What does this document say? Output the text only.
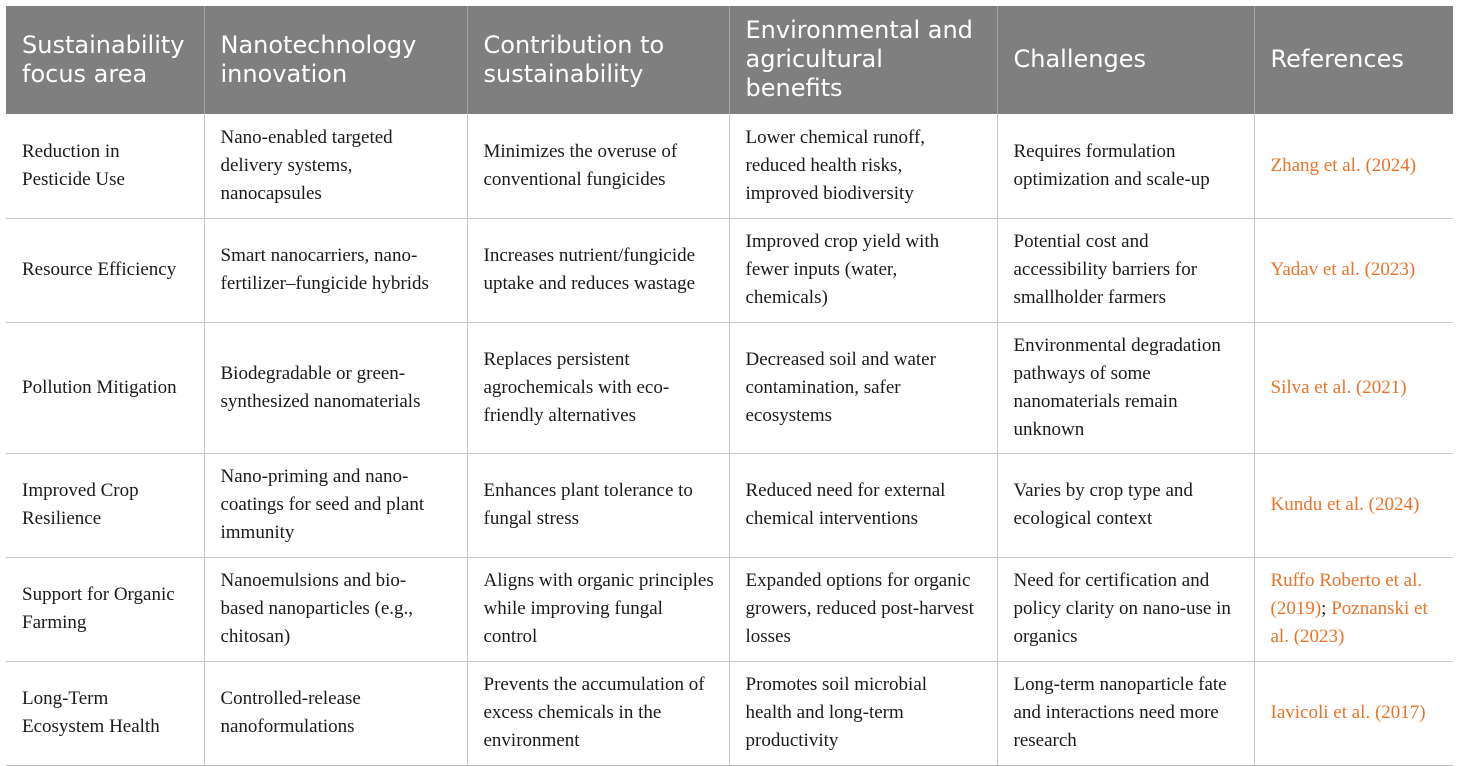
Sustainability focus area	Nanotechnology innovation	Contribution to sustainability	Environmental and agricultural benefits	Challenges	References
Reduction in Pesticide Use	Nano-enabled targeted delivery systems, nanocapsules	Minimizes the overuse of conventional fungicides	Lower chemical runoff, reduced health risks, improved biodiversity	Requires formulation optimization and scale-up	Zhang et al. (2024)
Resource Efficiency	Smart nanocarriers, nano-fertilizer–fungicide hybrids	Increases nutrient/fungicide uptake and reduces wastage	Improved crop yield with fewer inputs (water, chemicals)	Potential cost and accessibility barriers for smallholder farmers	Yadav et al. (2023)
Pollution Mitigation	Biodegradable or green-synthesized nanomaterials	Replaces persistent agrochemicals with eco-friendly alternatives	Decreased soil and water contamination, safer ecosystems	Environmental degradation pathways of some nanomaterials remain unknown	Silva et al. (2021)
Improved Crop Resilience	Nano-priming and nano-coatings for seed and plant immunity	Enhances plant tolerance to fungal stress	Reduced need for external chemical interventions	Varies by crop type and ecological context	Kundu et al. (2024)
Support for Organic Farming	Nanoemulsions and bio-based nanoparticles (e.g., chitosan)	Aligns with organic principles while improving fungal control	Expanded options for organic growers, reduced post-harvest losses	Need for certification and policy clarity on nano-use in organics	Ruffo Roberto et al. (2019); Poznanski et al. (2023)
Long-Term Ecosystem Health	Controlled-release nanoformulations	Prevents the accumulation of excess chemicals in the environment	Promotes soil microbial health and long-term productivity	Long-term nanoparticle fate and interactions need more research	Iavicoli et al. (2017)
